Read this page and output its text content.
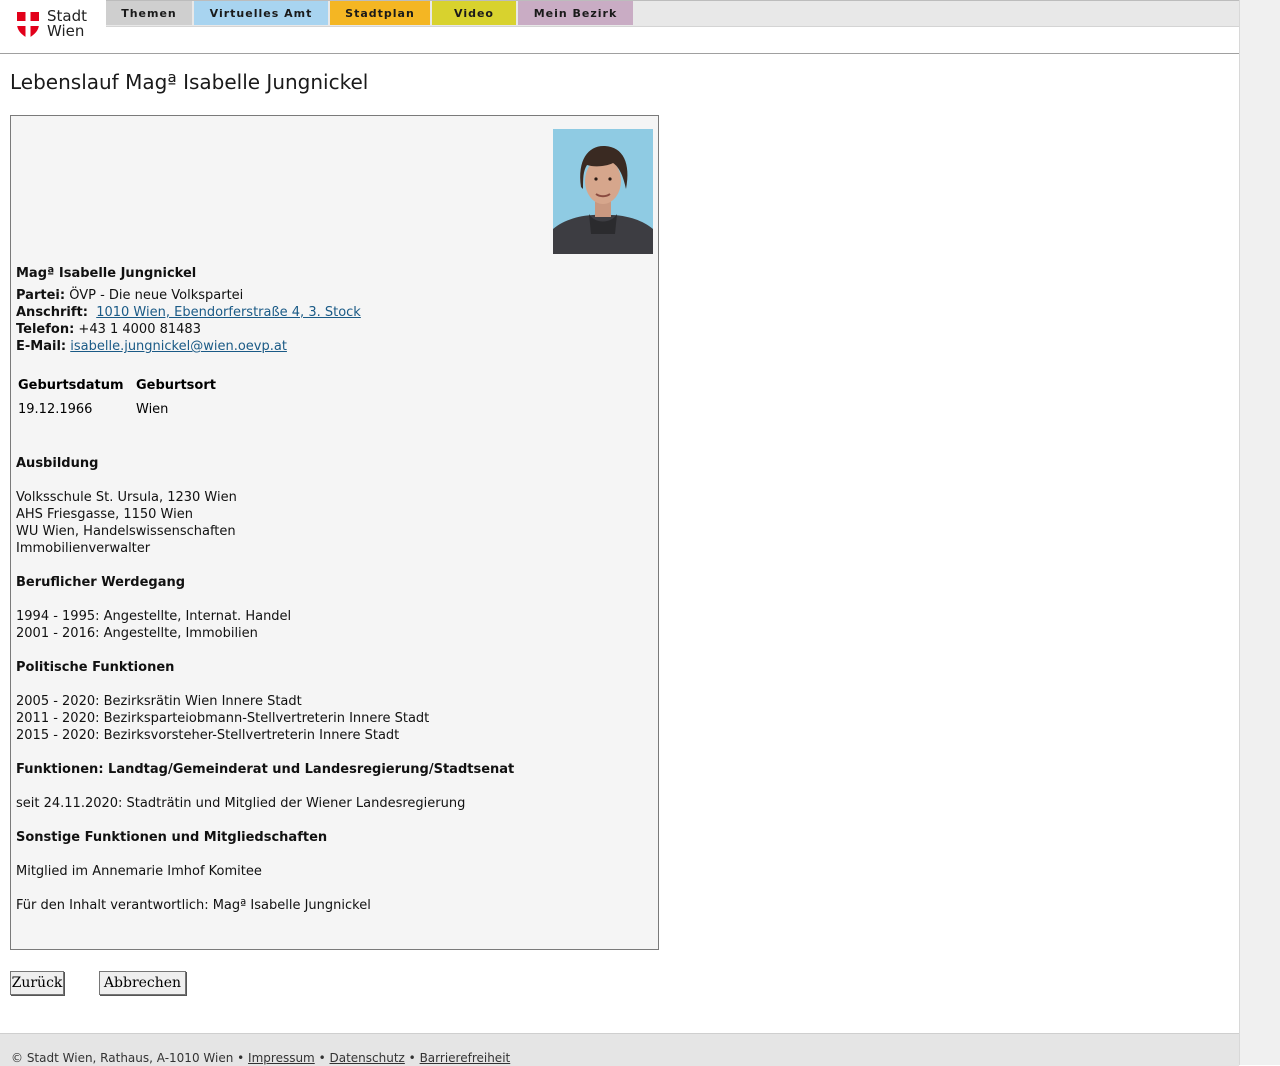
Stadt
Wien
Themen	Virtuelles Amt	Stadtplan	Video	Mein Bezirk
Lebenslauf Magª Isabelle Jungnickel
Magª Isabelle Jungnickel
Partei: ÖVP - Die neue Volkspartei
Anschrift: 1010 Wien, Ebendorferstraße 4, 3. Stock
Telefon: +43 1 4000 81483
E-Mail: isabelle.jungnickel@wien.oevp.at
Geburtsdatum Geburtsort
19.12.1966	Wien
Ausbildung
Volksschule St. Ursula, 1230 Wien
AHS Friesgasse, 1150 Wien
WU Wien, Handelswissenschaften
Immobilienverwalter
Beruflicher Werdegang
1994 - 1995: Angestellte, Internat. Handel
2001 - 2016: Angestellte, Immobilien
Politische Funktionen
2005 - 2020: Bezirksrätin Wien Innere Stadt
2011 - 2020: Bezirksparteiobmann-Stellvertreterin Innere Stadt
2015 - 2020: Bezirksvorsteher-Stellvertreterin Innere Stadt
Funktionen: Landtag/Gemeinderat und Landesregierung/Stadtsenat
seit 24.11.2020: Stadträtin und Mitglied der Wiener Landesregierung
Sonstige Funktionen und Mitgliedschaften
Mitglied im Annemarie Imhof Komitee
Für den Inhalt verantwortlich: Magª Isabelle Jungnickel
Zurück	Abbrechen
© Stadt Wien, Rathaus, A-1010 Wien • Impressum • Datenschutz • Barrierefreiheit
